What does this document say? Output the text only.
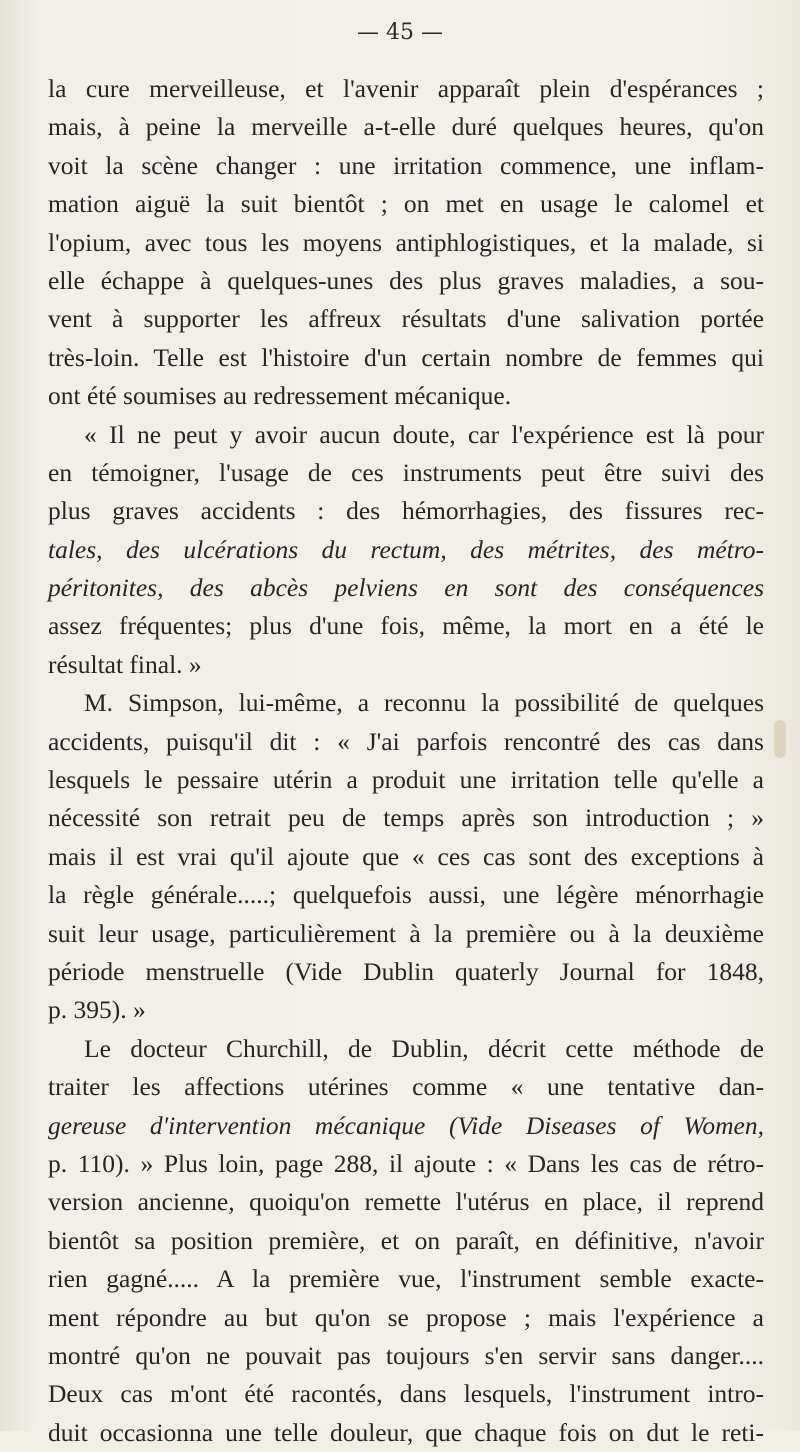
— 45 —
la cure merveilleuse, et l'avenir apparaît plein d'espérances ;
mais, à peine la merveille a-t-elle duré quelques heures, qu'on
voit la scène changer : une irritation commence, une inflam-
mation aiguë la suit bientôt ; on met en usage le calomel et
l'opium, avec tous les moyens antiphlogistiques, et la malade, si
elle échappe à quelques-unes des plus graves maladies, a sou-
vent à supporter les affreux résultats d'une salivation portée
très-loin. Telle est l'histoire d'un certain nombre de femmes qui
ont été soumises au redressement mécanique.
« Il ne peut y avoir aucun doute, car l'expérience est là pour
en témoigner, l'usage de ces instruments peut être suivi des
plus graves accidents : des hémorrhagies, des fissures rec-
tales, des ulcérations du rectum, des métrites, des métro-
péritonites, des abcès pelviens en sont des conséquences
assez fréquentes; plus d'une fois, même, la mort en a été le
résultat final. »
M. Simpson, lui-même, a reconnu la possibilité de quelques
accidents, puisqu'il dit : « J'ai parfois rencontré des cas dans
lesquels le pessaire utérin a produit une irritation telle qu'elle a
nécessité son retrait peu de temps après son introduction ; »
mais il est vrai qu'il ajoute que « ces cas sont des exceptions à
la règle générale.....; quelquefois aussi, une légère ménorrhagie
suit leur usage, particulièrement à la première ou à la deuxième
période menstruelle (Vide Dublin quaterly Journal for 1848,
p. 395). »
Le docteur Churchill, de Dublin, décrit cette méthode de
traiter les affections utérines comme « une tentative dan-
gereuse d'intervention mécanique (Vide Diseases of Women,
p. 110). » Plus loin, page 288, il ajoute : « Dans les cas de rétro-
version ancienne, quoiqu'on remette l'utérus en place, il reprend
bientôt sa position première, et on paraît, en définitive, n'avoir
rien gagné..... A la première vue, l'instrument semble exacte-
ment répondre au but qu'on se propose ; mais l'expérience a
montré qu'on ne pouvait pas toujours s'en servir sans danger....
Deux cas m'ont été racontés, dans lesquels, l'instrument intro-
duit occasionna une telle douleur, que chaque fois on dut le reti-
